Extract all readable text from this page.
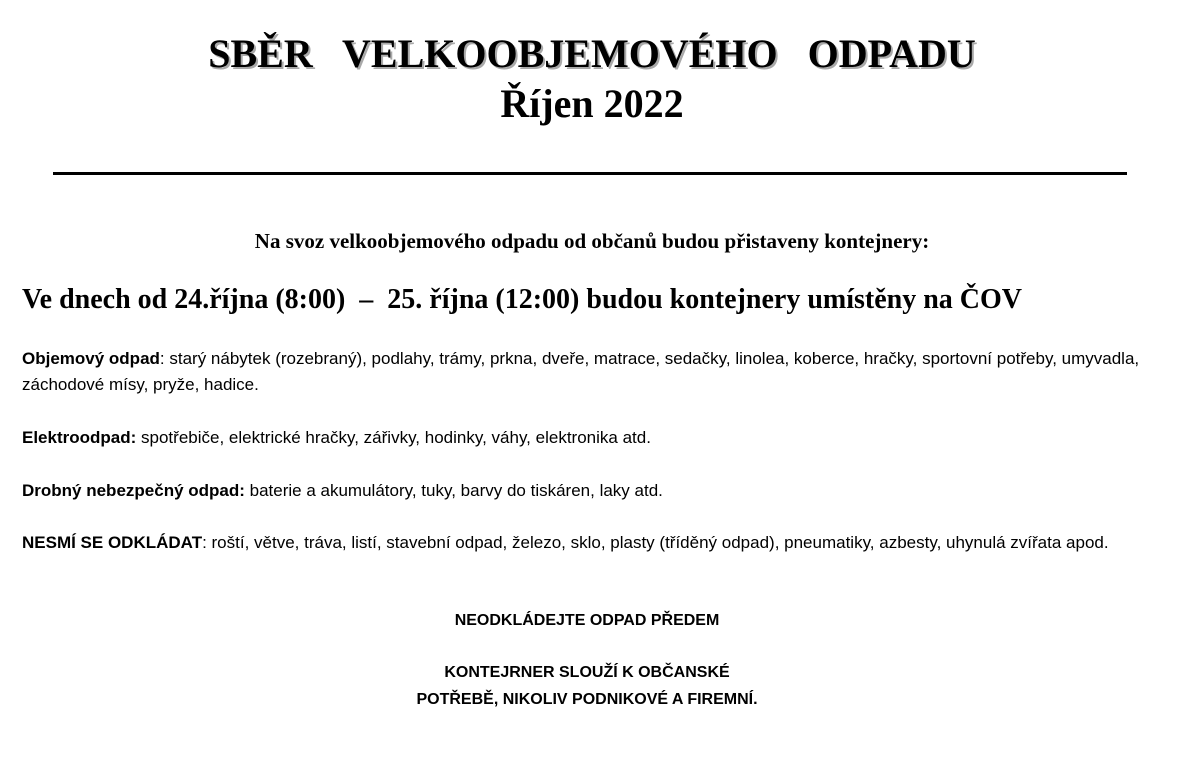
SBĚR   VELKOOBJEMOVÉHO   ODPADU
Říjen 2022

Na svoz velkoobjemového odpadu od občanů budou přistaveny kontejnery:

Ve dnech od 24.října (8:00)  –  25. října (12:00) budou kontejnery umístěny na ČOV

Objemový odpad: starý nábytek (rozebraný), podlahy, trámy, prkna, dveře, matrace, sedačky, linolea, koberce, hračky, sportovní potřeby, umyvadla, záchodové mísy, pryže, hadice.

Elektroodpad: spotřebiče, elektrické hračky, zářivky, hodinky, váhy, elektronika atd.

Drobný nebezpečný odpad: baterie a akumulátory, tuky, barvy do tiskáren, laky atd.

NESMÍ SE ODKLÁDAT: roští, větve, tráva, listí, stavební odpad, železo, sklo, plasty (tříděný odpad), pneumatiky, azbesty, uhynulá zvířata apod.

NEODKLÁDEJTE ODPAD PŘEDEM

KONTEJRNER SLOUŽÍ K OBČANSKÉ

POTŘEBĚ, NIKOLIV PODNIKOVÉ A FIREMNÍ.
